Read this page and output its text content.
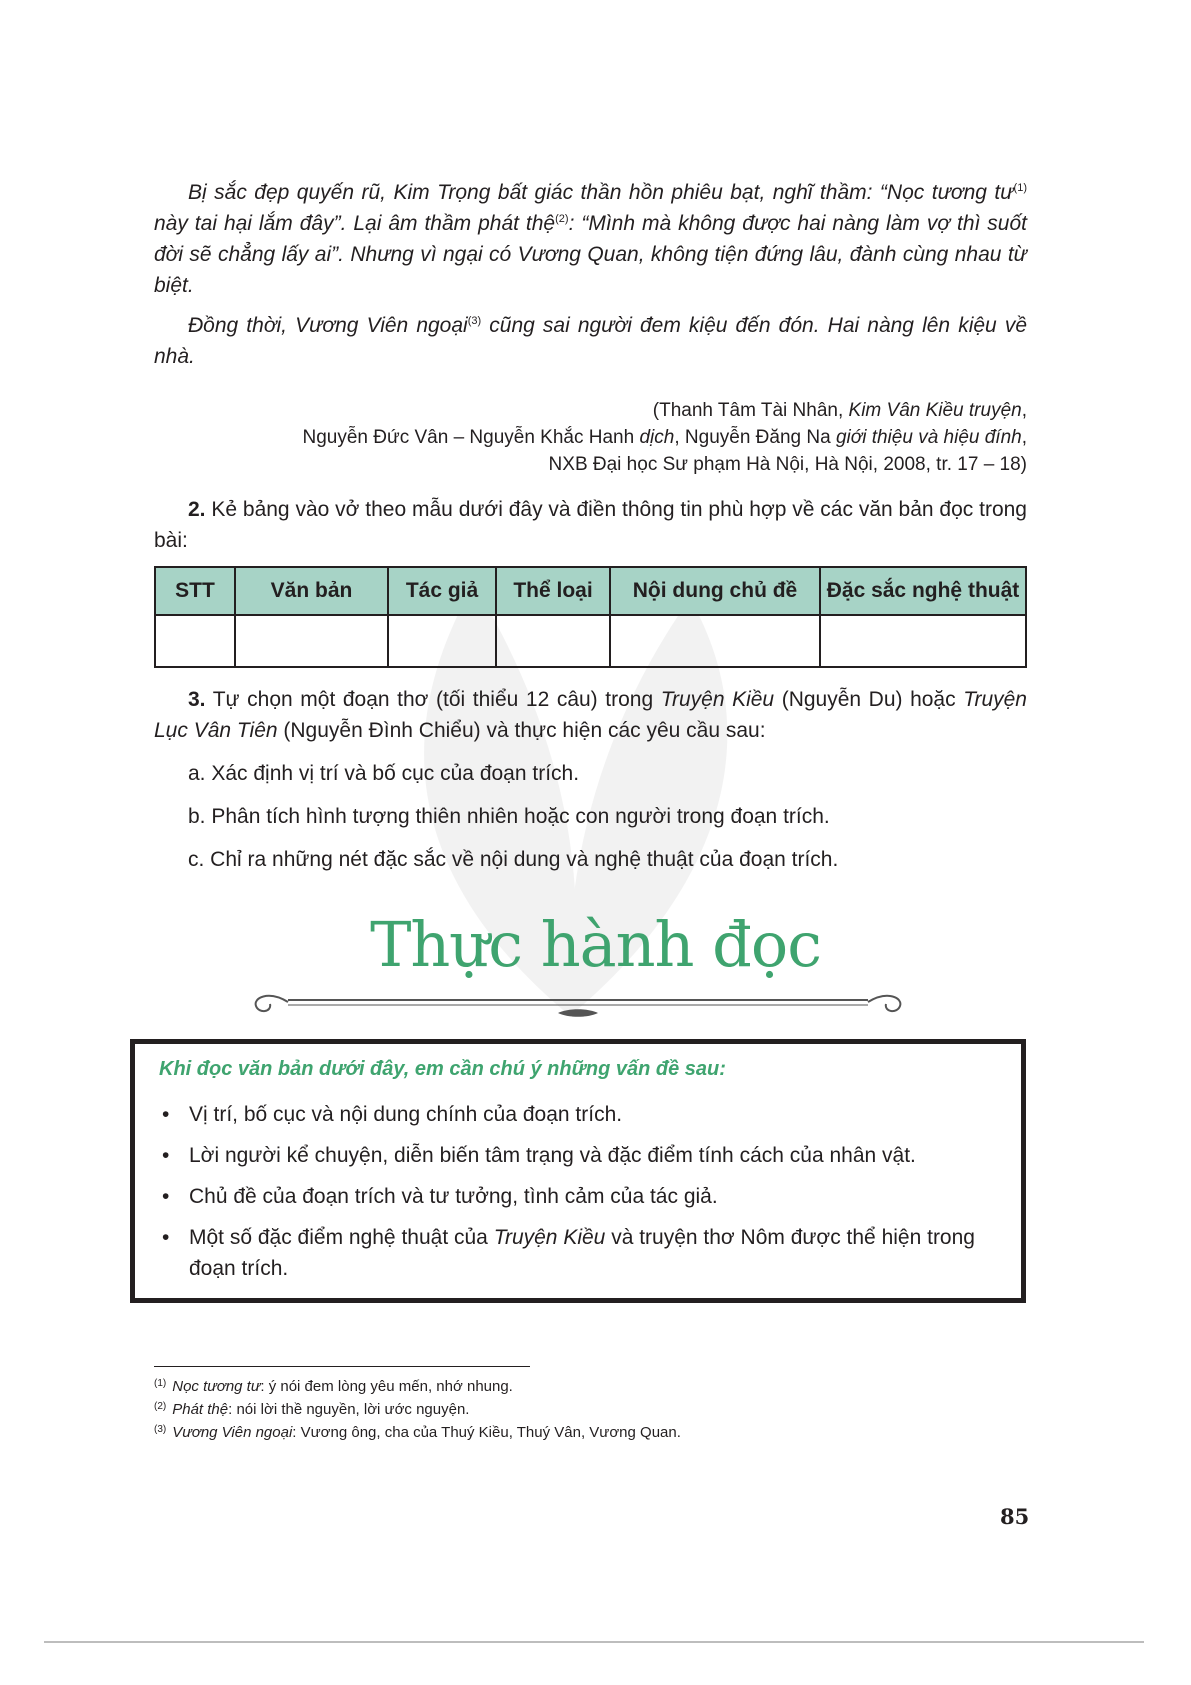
Bị sắc đẹp quyến rũ, Kim Trọng bất giác thần hồn phiêu bạt, nghĩ thầm: “Nọc tương $tư^{(1)}$ này tai hại lắm đây”. Lại âm thầm phát thệ$^{(2)}$: “Mình mà không được hai nàng làm vợ thì suốt đời sẽ chẳng lấy ai”. Nhưng vì ngại có Vương Quan, không tiện đứng lâu, đành cùng nhau từ biệt.

Đồng thời, Vương Viên ngoại$^{(3)}$ cũng sai người đem kiệu đến đón. Hai nàng lên kiệu về nhà.

(Thanh Tâm Tài Nhân, Kim Vân Kiều truyện,

Nguyễn Đức Vân – Nguyễn Khắc Hanh dịch, Nguyễn Đăng Na giới thiệu và hiệu đính,

NXB Đại học Sư phạm Hà Nội, Hà Nội, 2008, tr. 17 – 18)

2. Kẻ bảng vào vở theo mẫu dưới đây và điền thông tin phù hợp về các văn bản đọc trong bài:

STT	Văn bản	Tác giả	Thể loại	Nội dung chủ đề	Đặc sắc nghệ thuật

3. Tự chọn một đoạn thơ (tối thiểu 12 câu) trong Truyện Kiều (Nguyễn Du) hoặc Truyện Lục Vân Tiên (Nguyễn Đình Chiểu) và thực hiện các yêu cầu sau:

a. Xác định vị trí và bố cục của đoạn trích.

b. Phân tích hình tượng thiên nhiên hoặc con người trong đoạn trích.

c. Chỉ ra những nét đặc sắc về nội dung và nghệ thuật của đoạn trích.

Thực hành đọc
Khi đọc văn bản dưới đây, em cần chú ý những vấn đề sau:
• Vị trí, bố cục và nội dung chính của đoạn trích.
• Lời người kể chuyện, diễn biến tâm trạng và đặc điểm tính cách của nhân vật.
• Chủ đề của đoạn trích và tư tưởng, tình cảm của tác giả.
• Một số đặc điểm nghệ thuật của Truyện Kiều và truyện thơ Nôm được thể hiện trong đoạn trích.
$^{(1)}$ Nọc tương tư: ý nói đem lòng yêu mến, nhớ nhung.
$^{(2)}$ Phát thệ: nói lời thề nguyền, lời ước nguyện.
$^{(3)}$ Vương Viên ngoại: Vương ông, cha của Thuý Kiều, Thuý Vân, Vương Quan.
85
